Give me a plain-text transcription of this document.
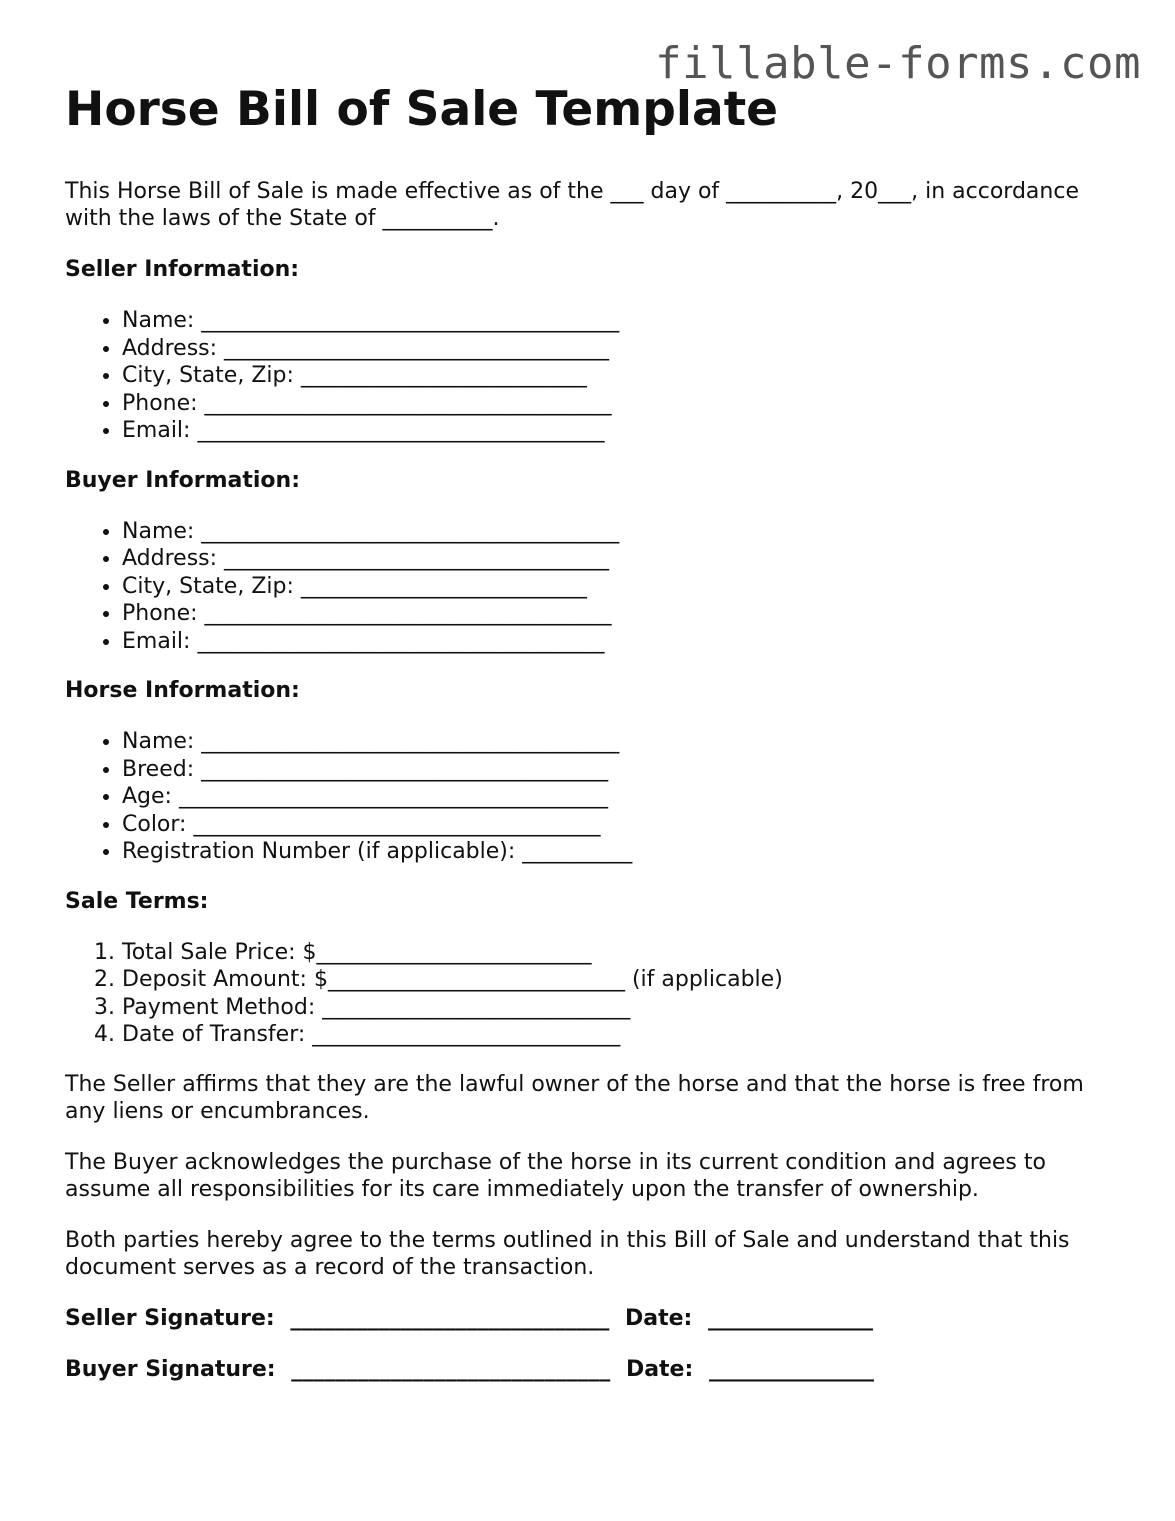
fillable-forms.com
Horse Bill of Sale Template

This Horse Bill of Sale is made effective as of the ___ day of __________, 20___, in accordance with the laws of the State of __________.

Seller Information:
• Name: ______________________________________
• Address: ___________________________________
• City, State, Zip: __________________________
• Phone: _____________________________________
• Email: _____________________________________
Buyer Information:
• Name: ______________________________________
• Address: ___________________________________
• City, State, Zip: __________________________
• Phone: _____________________________________
• Email: _____________________________________
Horse Information:
• Name: ______________________________________
• Breed: _____________________________________
• Age: _______________________________________
• Color: _____________________________________
• Registration Number (if applicable): __________
Sale Terms:
1. Total Sale Price: $_________________________
2. Deposit Amount: $___________________________ (if applicable)
3. Payment Method: ____________________________
4. Date of Transfer: ____________________________

The Seller affirms that they are the lawful owner of the horse and that the horse is free from any liens or encumbrances.

The Buyer acknowledges the purchase of the horse in its current condition and agrees to assume all responsibilities for its care immediately upon the transfer of ownership.

Both parties hereby agree to the terms outlined in this Bill of Sale and understand that this document serves as a record of the transaction.

Seller Signature: _____________________________ Date: _______________
Buyer Signature: _____________________________ Date: _______________
